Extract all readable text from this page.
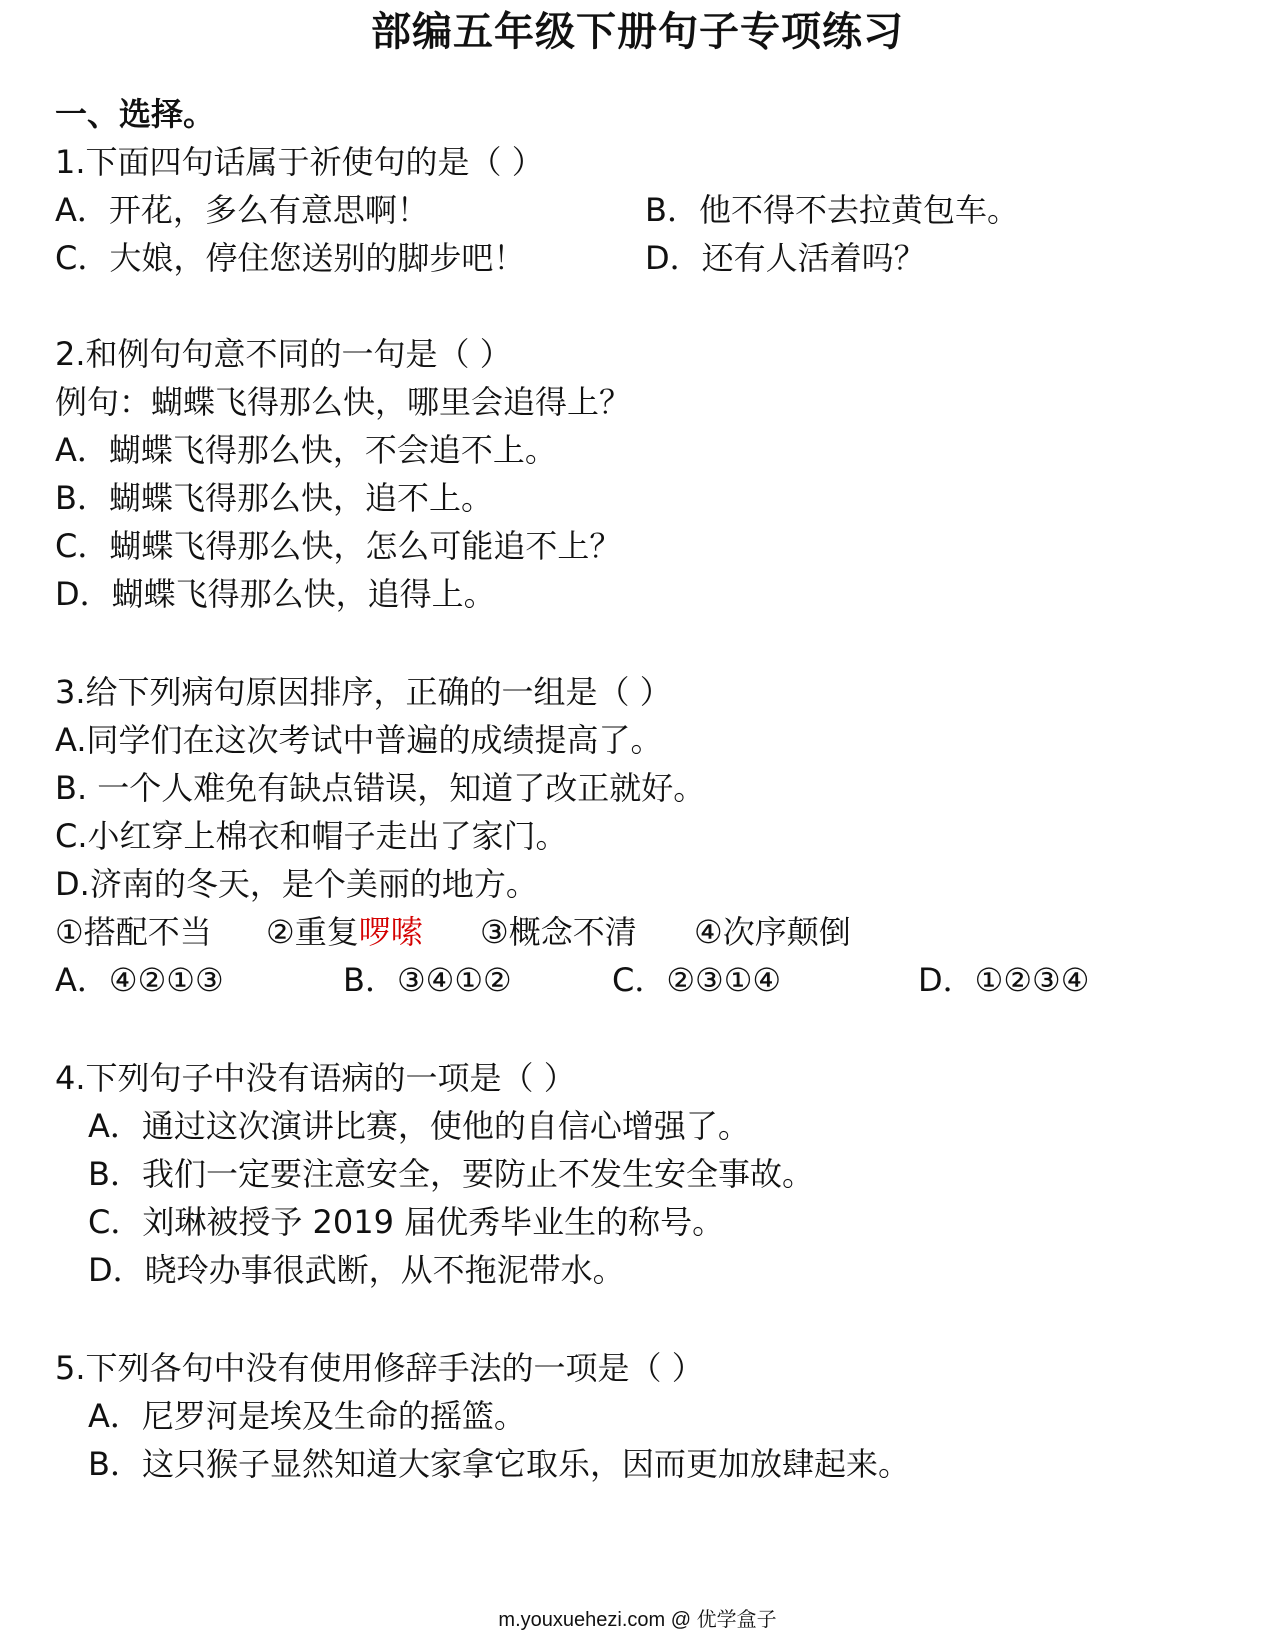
部编五年级下册句子专项练习
一、选择。
1.下面四句话属于祈使句的是（ ）
A．开花，多么有意思啊！	B．他不得不去拉黄包车。
C．大娘，停住您送别的脚步吧！	D．还有人活着吗？
2.和例句句意不同的一句是（ ）
例句：蝴蝶飞得那么快，哪里会追得上？
A．蝴蝶飞得那么快，不会追不上。
B．蝴蝶飞得那么快，追不上。
C．蝴蝶飞得那么快，怎么可能追不上？
D．蝴蝶飞得那么快，追得上。
3.给下列病句原因排序，正确的一组是（ ）
A.同学们在这次考试中普遍的成绩提高了。
B. 一个人难免有缺点错误，知道了改正就好。
C.小红穿上棉衣和帽子走出了家门。
D.济南的冬天，是个美丽的地方。
①搭配不当 ②重复啰嗦 ③概念不清 ④次序颠倒
A．④②①③	B．③④①②	C．②③①④	D．①②③④
4.下列句子中没有语病的一项是（ ）
A．通过这次演讲比赛，使他的自信心增强了。
B．我们一定要注意安全，要防止不发生安全事故。
C．刘琳被授予 2019 届优秀毕业生的称号。
D．晓玲办事很武断，从不拖泥带水。
5.下列各句中没有使用修辞手法的一项是（ ）
A．尼罗河是埃及生命的摇篮。
B．这只猴子显然知道大家拿它取乐，因而更加放肆起来。
m.youxuehezi.com @ 优学盒子
